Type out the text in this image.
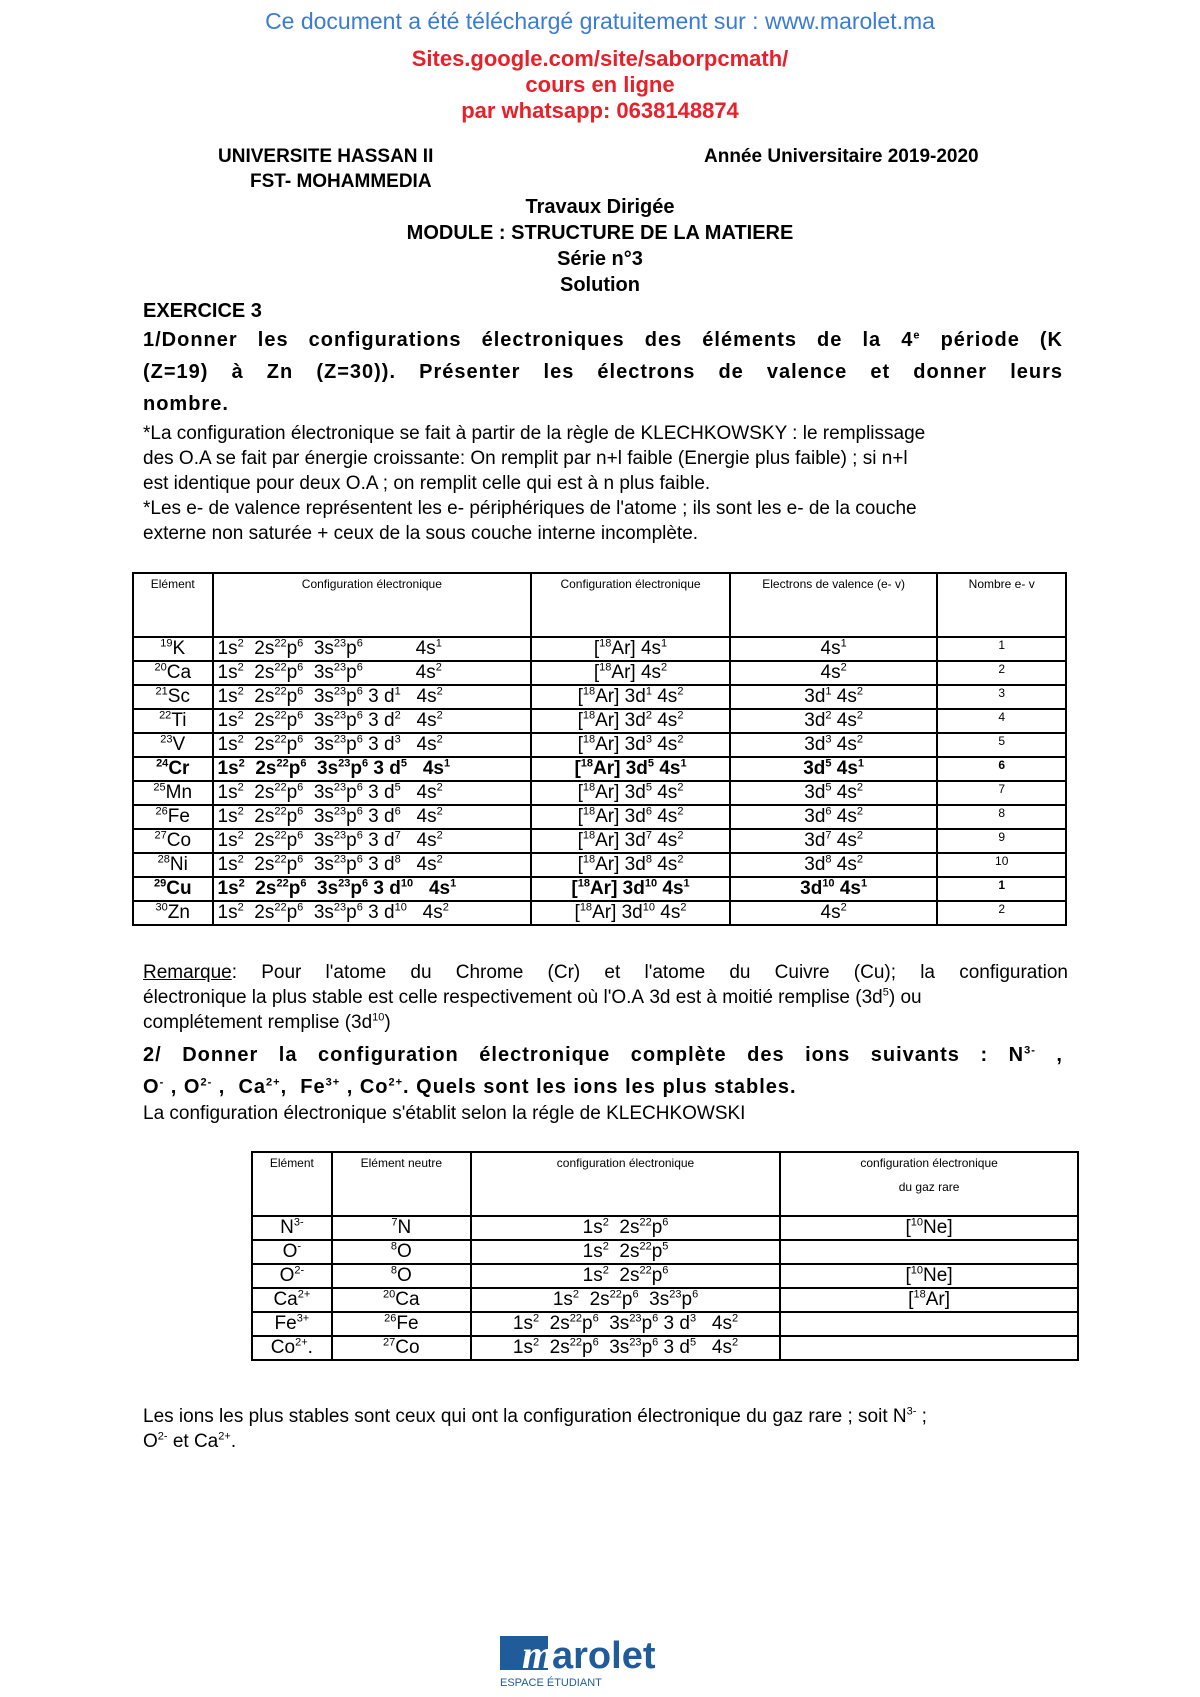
Ce document a été téléchargé gratuitement sur : www.marolet.ma
Sites.google.com/site/saborpcmath/
cours en ligne
par whatsapp: 0638148874
UNIVERSITE HASSAN II
FST- MOHAMMEDIA
Année Universitaire 2019-2020
Travaux Dirigée
MODULE : STRUCTURE DE LA MATIERE
Série n°3
Solution
EXERCICE 3
1/Donner les configurations électroniques des éléments de la 4e période (K
(Z=19) à Zn (Z=30)). Présenter les électrons de valence et donner leurs
nombre.
*La configuration électronique se fait à partir de la règle de KLECHKOWSKY : le remplissage
des O.A se fait par énergie croissante: On remplit par n+l faible (Energie plus faible) ; si n+l
est identique pour deux O.A ; on remplit celle qui est à n plus faible.
*Les e- de valence représentent les e- périphériques de l'atome ; ils sont les e- de la couche
externe non saturée + ceux de la sous couche interne incomplète.
Elément	Configuration électronique	Configuration électronique	Electrons de valence (e- v)	Nombre e- v
$^{19}$K	$1s^2$  $2s^{22}p^6$  $3s^{23}p^6$          $4s^1$	[$^{18}$Ar] $4s^1$	$4s^1$	1
$^{20}$Ca	$1s^2$  $2s^{22}p^6$  $3s^{23}p^6$          $4s^2$	[$^{18}$Ar] $4s^2$	$4s^2$	2
$^{21}$Sc	$1s^2$  $2s^{22}p^6$  $3s^{23}p^6$ 3 $d^1$   $4s^2$	[$^{18}$Ar] $3d^1$ $4s^2$	$3d^1$ $4s^2$	3
$^{22}$Ti	$1s^2$  $2s^{22}p^6$  $3s^{23}p^6$ 3 $d^2$   $4s^2$	[$^{18}$Ar] $3d^2$ $4s^2$	$3d^2$ $4s^2$	4
$^{23}$V	$1s^2$  $2s^{22}p^6$  $3s^{23}p^6$ 3 $d^3$   $4s^2$	[$^{18}$Ar] $3d^3$ $4s^2$	$3d^3$ $4s^2$	5
$^{24}$Cr	$1s^2$  $2s^{22}p^6$  $3s^{23}p^6$ 3 $d^5$   $4s^1$	[$^{18}$Ar] $3d^5$ $4s^1$	$3d^5$ $4s^1$	6
$^{25}$Mn	$1s^2$  $2s^{22}p^6$  $3s^{23}p^6$ 3 $d^5$   $4s^2$	[$^{18}$Ar] $3d^5$ $4s^2$	$3d^5$ $4s^2$	7
$^{26}$Fe	$1s^2$  $2s^{22}p^6$  $3s^{23}p^6$ 3 $d^6$   $4s^2$	[$^{18}$Ar] $3d^6$ $4s^2$	$3d^6$ $4s^2$	8
$^{27}$Co	$1s^2$  $2s^{22}p^6$  $3s^{23}p^6$ 3 $d^7$   $4s^2$	[$^{18}$Ar] $3d^7$ $4s^2$	$3d^7$ $4s^2$	9
$^{28}$Ni	$1s^2$  $2s^{22}p^6$  $3s^{23}p^6$ 3 $d^8$   $4s^2$	[$^{18}$Ar] $3d^8$ $4s^2$	$3d^8$ $4s^2$	10
$^{29}$Cu	$1s^2$  $2s^{22}p^6$  $3s^{23}p^6$ 3 $d^{10}$   $4s^1$	[$^{18}$Ar] $3d^{10}$ $4s^1$	$3d^{10}$ $4s^1$	1
$^{30}$Zn	$1s^2$  $2s^{22}p^6$  $3s^{23}p^6$ 3 $d^{10}$   $4s^2$	[$^{18}$Ar] $3d^{10}$ $4s^2$	$4s^2$	2
Remarque: Pour l'atome du Chrome (Cr) et l'atome du Cuivre (Cu); la configuration
électronique la plus stable est celle respectivement où l'O.A 3d est à moitié remplise $(3d^5)$ ou
complétement remplise $(3d^{10})$
2/ Donner la configuration électronique complète des ions suivants : $N^{3-}$ ,
O- , $O^{2-}$ ,  $Ca^{2+}$,  $Fe^{3+}$ , $Co^{2+}$. Quels sont les ions les plus stables.
La configuration électronique s'établit selon la régle de KLECHKOWSKI
Elément	Elément neutre	configuration électronique	configuration électronique
du gaz rare

$N^{3-}$	$^7$N	$1s^2$  $2s^{22}p^6$	[$^{10}$Ne]
O-	$^8$O	$1s^2$  $2s^{22}p^5$	
$O^{2-}$	$^8$O	$1s^2$  $2s^{22}p^6$	[$^{10}$Ne]
$Ca^{2+}$	$^{20}$Ca	$1s^2$  $2s^{22}p^6$  $3s^{23}p^6$	[$^{18}$Ar]
$Fe^{3+}$	$^{26}$Fe	$1s^2$  $2s^{22}p^6$  $3s^{23}p^6$ 3 $d^3$   $4s^2$	
$Co^{2+}$.	$^{27}$Co	$1s^2$  $2s^{22}p^6$  $3s^{23}p^6$ 3 $d^5$   $4s^2$	
Les ions les plus stables sont ceux qui ont la configuration électronique du gaz rare ; soit $N^{3-}$ ;
$O^{2-}$ et $Ca^{2+}$.
m
arolet
ESPACE ÉTUDIANT
